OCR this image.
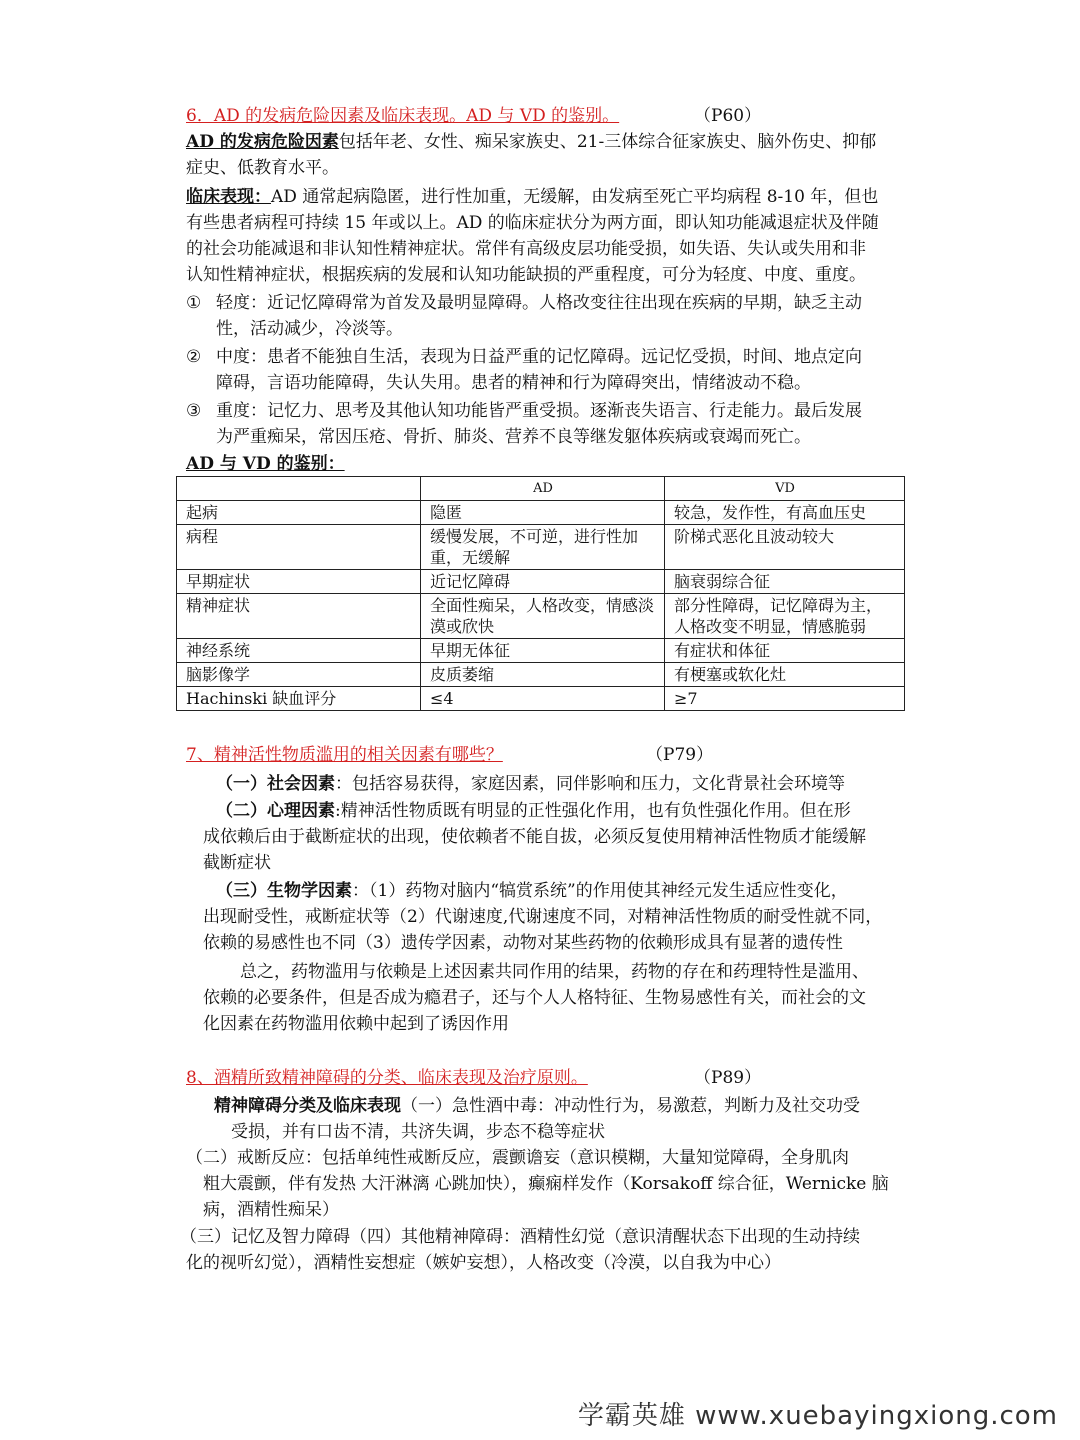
6．AD 的发病危险因素及临床表现。AD 与 VD 的鉴别。	（P60）
AD 的发病危险因素包括年老、女性、痴呆家族史、21-三体综合征家族史、脑外伤史、抑郁
症史、低教育水平。
临床表现：AD 通常起病隐匿，进行性加重，无缓解，由发病至死亡平均病程 8-10 年，但也
有些患者病程可持续 15 年或以上。AD 的临床症状分为两方面，即认知功能减退症状及伴随
的社会功能减退和非认知性精神症状。常伴有高级皮层功能受损，如失语、失认或失用和非
认知性精神症状，根据疾病的发展和认知功能缺损的严重程度，可分为轻度、中度、重度。
① 轻度：近记忆障碍常为首发及最明显障碍。人格改变往往出现在疾病的早期，缺乏主动
性，活动减少，冷淡等。
② 中度：患者不能独自生活，表现为日益严重的记忆障碍。远记忆受损，时间、地点定向
障碍，言语功能障碍，失认失用。患者的精神和行为障碍突出，情绪波动不稳。
③ 重度：记忆力、思考及其他认知功能皆严重受损。逐渐丧失语言、行走能力。最后发展
为严重痴呆，常因压疮、骨折、肺炎、营养不良等继发躯体疾病或衰竭而死亡。
AD 与 VD 的鉴别：
	AD	VD
起病	隐匿	较急，发作性，有高血压史
病程	缓慢发展，不可逆，进行性加重，无缓解	阶梯式恶化且波动较大
早期症状	近记忆障碍	脑衰弱综合征
精神症状	全面性痴呆，人格改变，情感淡漠或欣快	部分性障碍，记忆障碍为主，人格改变不明显，情感脆弱
神经系统	早期无体征	有症状和体征
脑影像学	皮质萎缩	有梗塞或软化灶
Hachinski 缺血评分	≤4	≥7
7、精神活性物质滥用的相关因素有哪些？	（P79）
（一）社会因素：包括容易获得，家庭因素，同伴影响和压力，文化背景社会环境等
（二）心理因素:精神活性物质既有明显的正性强化作用，也有负性强化作用。但在形
成依赖后由于截断症状的出现，使依赖者不能自拔，必须反复使用精神活性物质才能缓解
截断症状
（三）生物学因素：（1）药物对脑内“犒赏系统”的作用使其神经元发生适应性变化，
出现耐受性，戒断症状等（2）代谢速度,代谢速度不同，对精神活性物质的耐受性就不同，
依赖的易感性也不同（3）遗传学因素，动物对某些药物的依赖形成具有显著的遗传性
总之，药物滥用与依赖是上述因素共同作用的结果，药物的存在和药理特性是滥用、
依赖的必要条件，但是否成为瘾君子，还与个人人格特征、生物易感性有关，而社会的文
化因素在药物滥用依赖中起到了诱因作用
8、酒精所致精神障碍的分类、临床表现及治疗原则。	（P89）
精神障碍分类及临床表现（一）急性酒中毒：冲动性行为，易激惹，判断力及社交功受
受损，并有口齿不清，共济失调，步态不稳等症状
（二）戒断反应：包括单纯性戒断反应，震颤谵妄（意识模糊，大量知觉障碍，全身肌肉
粗大震颤，伴有发热 大汗淋漓 心跳加快），癫痫样发作（Korsakoff 综合征，Wernicke 脑
病，酒精性痴呆）
（三）记忆及智力障碍（四）其他精神障碍：酒精性幻觉（意识清醒状态下出现的生动持续
化的视听幻觉），酒精性妄想症（嫉妒妄想），人格改变（冷漠，以自我为中心）
学霸英雄 www.xuebayingxiong.com
